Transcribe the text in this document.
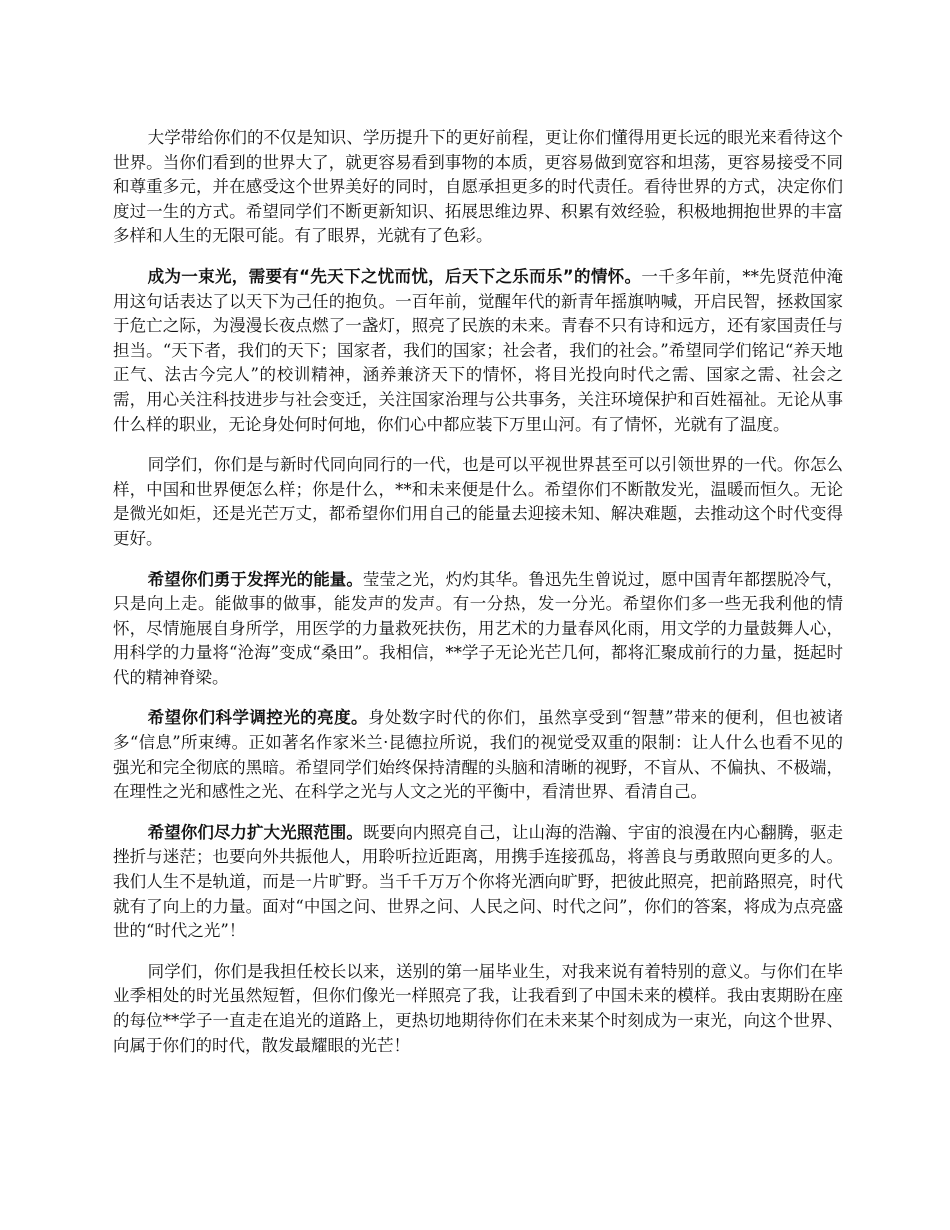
大学带给你们的不仅是知识、学历提升下的更好前程，更让你们懂得用更长远的眼光来看待这个世界。当你们看到的世界大了，就更容易看到事物的本质，更容易做到宽容和坦荡，更容易接受不同和尊重多元，并在感受这个世界美好的同时，自愿承担更多的时代责任。看待世界的方式，决定你们度过一生的方式。希望同学们不断更新知识、拓展思维边界、积累有效经验，积极地拥抱世界的丰富多样和人生的无限可能。有了眼界，光就有了色彩。

成为一束光，需要有“先天下之忧而忧，后天下之乐而乐”的情怀。一千多年前，**先贤范仲淹用这句话表达了以天下为己任的抱负。一百年前，觉醒年代的新青年摇旗呐喊，开启民智，拯救国家于危亡之际，为漫漫长夜点燃了一盏灯，照亮了民族的未来。青春不只有诗和远方，还有家国责任与担当。“天下者，我们的天下；国家者，我们的国家；社会者，我们的社会。”希望同学们铭记“养天地正气、法古今完人”的校训精神，涵养兼济天下的情怀，将目光投向时代之需、国家之需、社会之需，用心关注科技进步与社会变迁，关注国家治理与公共事务，关注环境保护和百姓福祉。无论从事什么样的职业，无论身处何时何地，你们心中都应装下万里山河。有了情怀，光就有了温度。

同学们，你们是与新时代同向同行的一代，也是可以平视世界甚至可以引领世界的一代。你怎么样，中国和世界便怎么样；你是什么，**和未来便是什么。希望你们不断散发光，温暖而恒久。无论是微光如炬，还是光芒万丈，都希望你们用自己的能量去迎接未知、解决难题，去推动这个时代变得更好。

希望你们勇于发挥光的能量。莹莹之光，灼灼其华。鲁迅先生曾说过，愿中国青年都摆脱冷气，只是向上走。能做事的做事，能发声的发声。有一分热，发一分光。希望你们多一些无我利他的情怀，尽情施展自身所学，用医学的力量救死扶伤，用艺术的力量春风化雨，用文学的力量鼓舞人心，用科学的力量将“沧海”变成“桑田”。我相信，**学子无论光芒几何，都将汇聚成前行的力量，挺起时代的精神脊梁。

希望你们科学调控光的亮度。身处数字时代的你们，虽然享受到“智慧”带来的便利，但也被诸多“信息”所束缚。正如著名作家米兰·昆德拉所说，我们的视觉受双重的限制：让人什么也看不见的强光和完全彻底的黑暗。希望同学们始终保持清醒的头脑和清晰的视野，不盲从、不偏执、不极端，在理性之光和感性之光、在科学之光与人文之光的平衡中，看清世界、看清自己。

希望你们尽力扩大光照范围。既要向内照亮自己，让山海的浩瀚、宇宙的浪漫在内心翻腾，驱走挫折与迷茫；也要向外共振他人，用聆听拉近距离，用携手连接孤岛，将善良与勇敢照向更多的人。我们人生不是轨道，而是一片旷野。当千千万万个你将光洒向旷野，把彼此照亮，把前路照亮，时代就有了向上的力量。面对“中国之问、世界之问、人民之问、时代之问”，你们的答案，将成为点亮盛世的“时代之光”！

同学们，你们是我担任校长以来，送别的第一届毕业生，对我来说有着特别的意义。与你们在毕业季相处的时光虽然短暂，但你们像光一样照亮了我，让我看到了中国未来的模样。我由衷期盼在座的每位**学子一直走在追光的道路上，更热切地期待你们在未来某个时刻成为一束光，向这个世界、向属于你们的时代，散发最耀眼的光芒！
